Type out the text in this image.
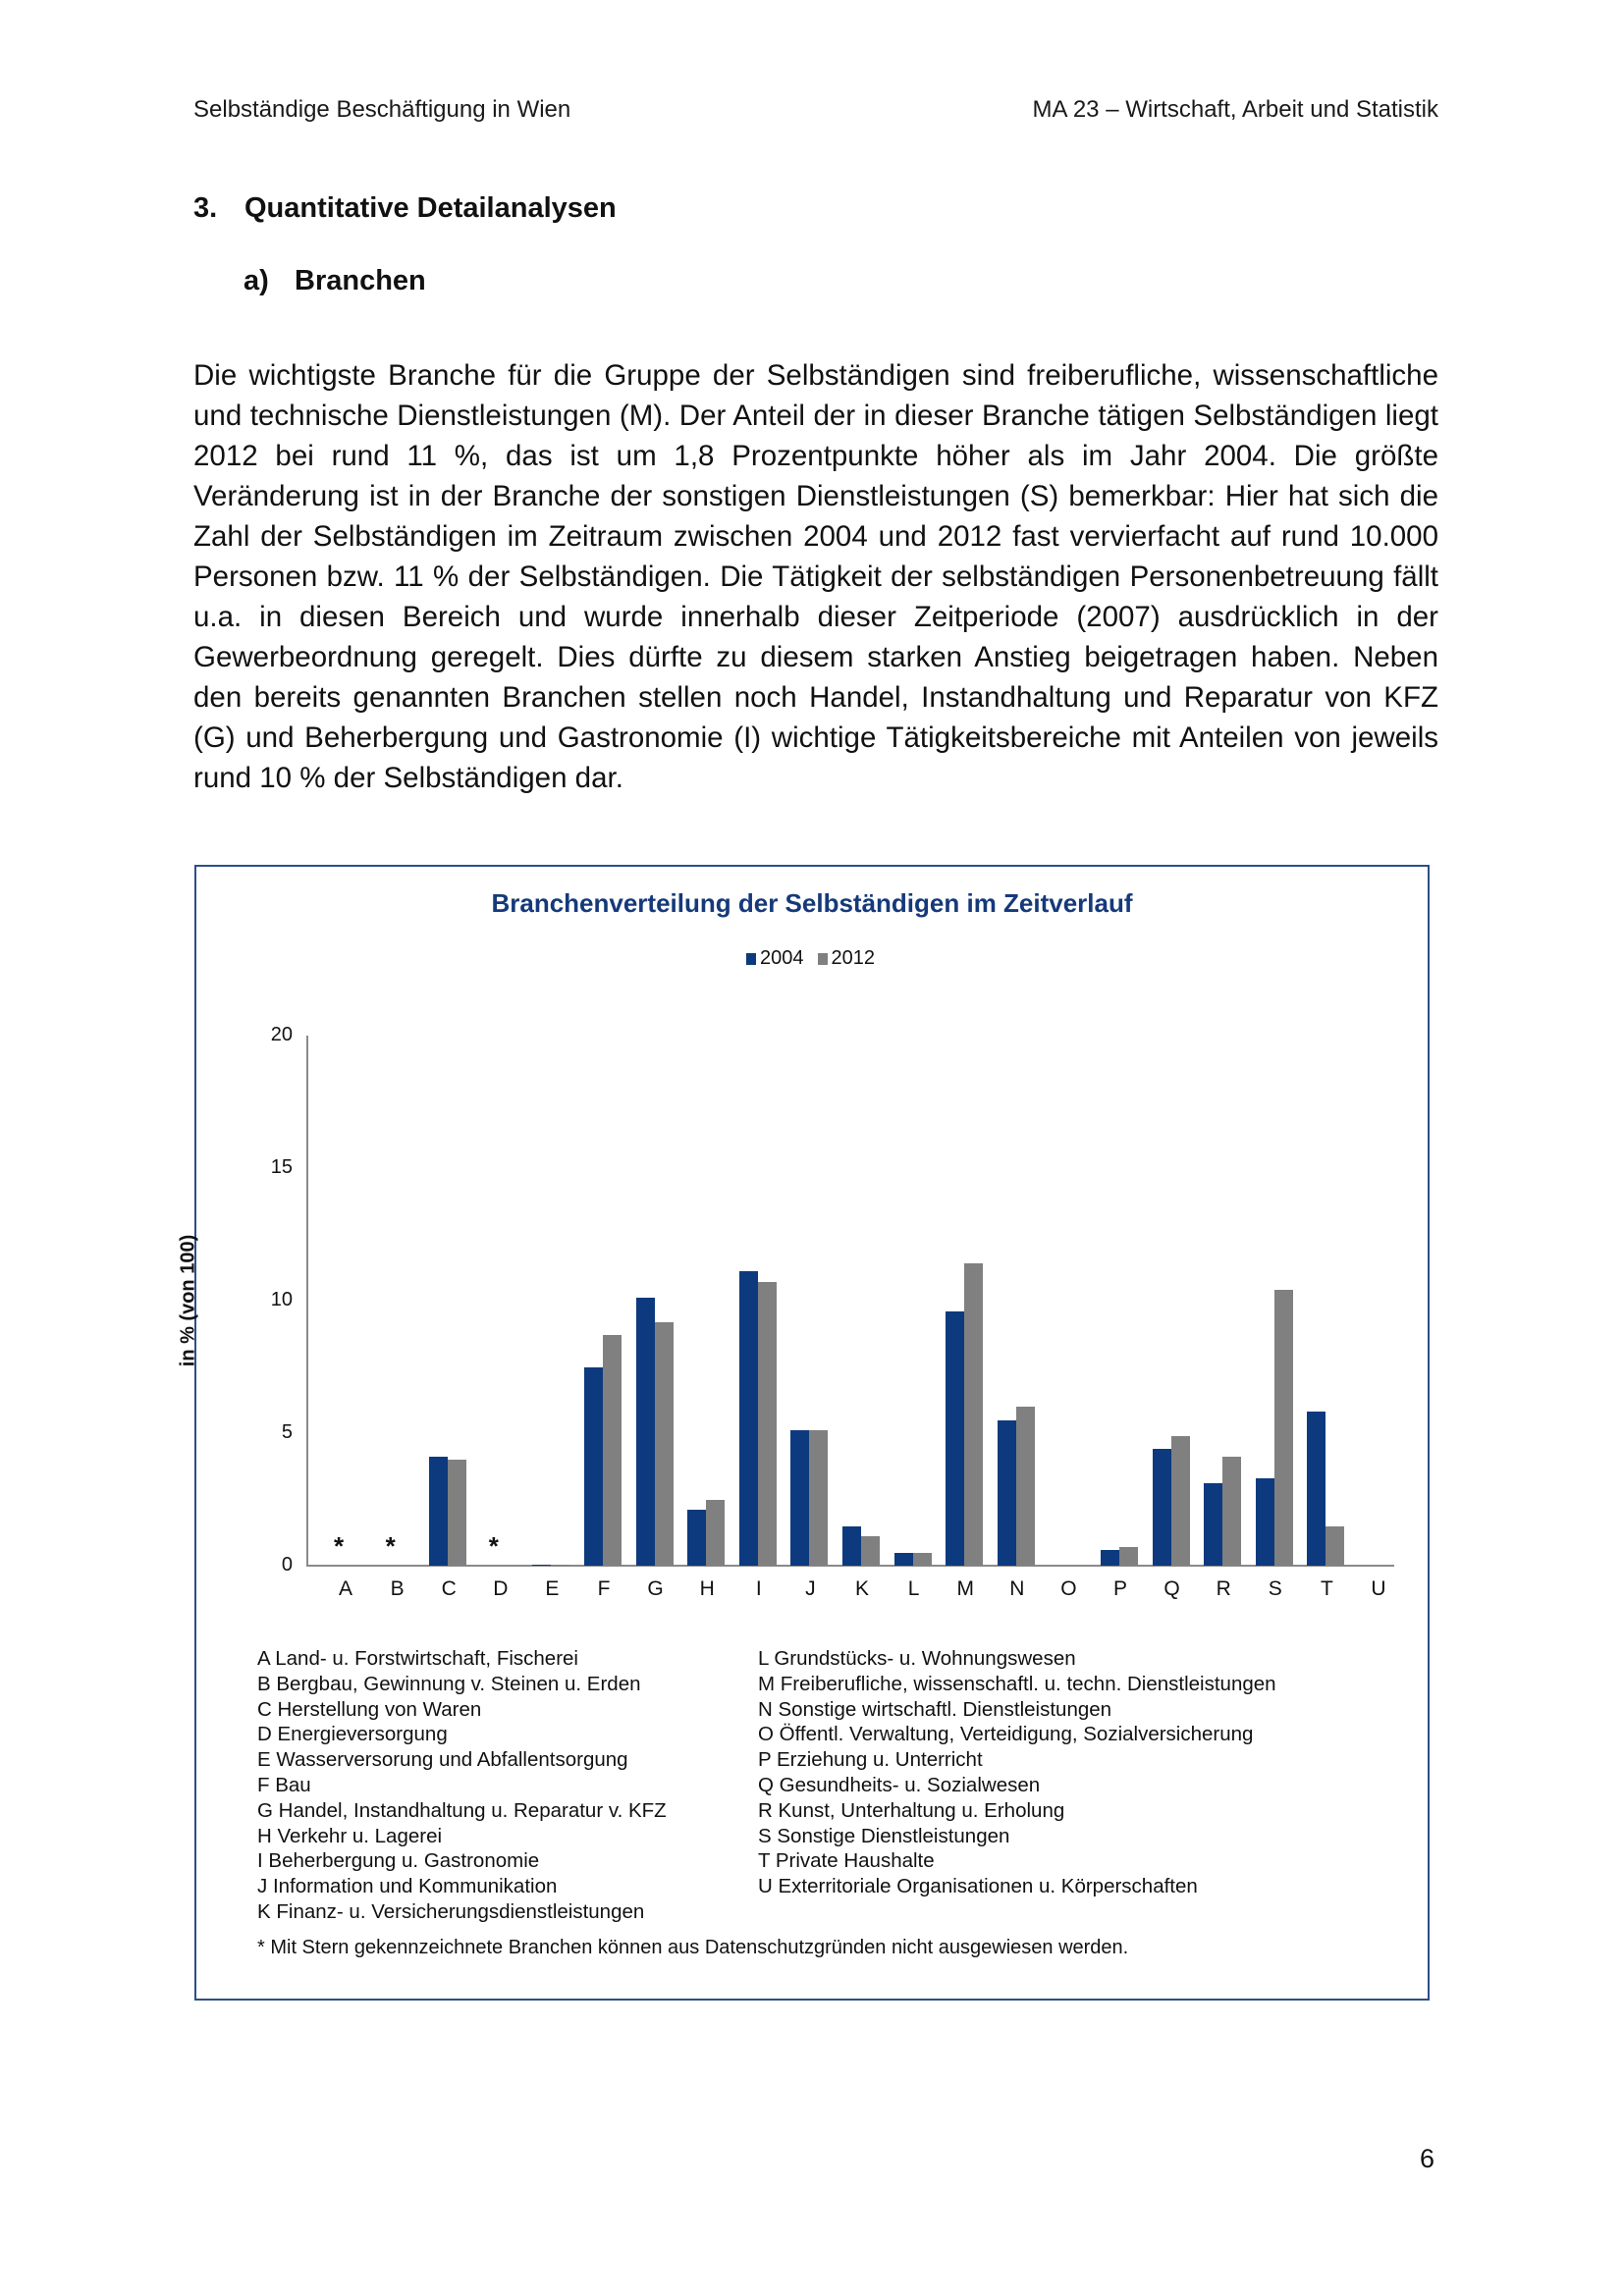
Selbständige Beschäftigung in Wien	MA 23 – Wirtschaft, Arbeit und Statistik
3. Quantitative Detailanalysen
a) Branchen
Die wichtigste Branche für die Gruppe der Selbständigen sind freiberufliche, wissenschaftliche und technische Dienstleistungen (M). Der Anteil der in dieser Branche tätigen Selbständigen liegt 2012 bei rund 11 %, das ist um 1,8 Prozentpunkte höher als im Jahr 2004. Die größte Veränderung ist in der Branche der sonstigen Dienstleistungen (S) bemerkbar: Hier hat sich die Zahl der Selbständigen im Zeitraum zwischen 2004 und 2012 fast vervierfacht auf rund 10.000 Personen bzw. 11 % der Selbständigen. Die Tätigkeit der selbständigen Personenbetreuung fällt u.a. in diesen Bereich und wurde innerhalb dieser Zeitperiode (2007) ausdrücklich in der Gewerbeordnung geregelt. Dies dürfte zu diesem starken Anstieg beigetragen haben. Neben den bereits genannten Branchen stellen noch Handel, Instandhaltung und Reparatur von KFZ (G) und Beherbergung und Gastronomie (I) wichtige Tätigkeitsbereiche mit Anteilen von jeweils rund 10 % der Selbständigen dar.
Branchenverteilung der Selbständigen im Zeitverlauf
2004 2012
in % (von 100)
0
5
10
15
20
*
A
*
B	C
*
D	E	F	G	H	I	J	K	L	M	N	O	P	Q	R	S	T	U
A Land- u. Forstwirtschaft, Fischerei
B Bergbau, Gewinnung v. Steinen u. Erden
C Herstellung von Waren
D Energieversorgung
E Wasserversorung und Abfallentsorgung
F Bau
G Handel, Instandhaltung u. Reparatur v. KFZ
H Verkehr u. Lagerei
I Beherbergung u. Gastronomie
J Information und Kommunikation
K Finanz- u. Versicherungsdienstleistungen
L Grundstücks- u. Wohnungswesen
M Freiberufliche, wissenschaftl. u. techn. Dienstleistungen
N Sonstige wirtschaftl. Dienstleistungen
O Öffentl. Verwaltung, Verteidigung, Sozialversicherung
P Erziehung u. Unterricht
Q Gesundheits- u. Sozialwesen
R Kunst, Unterhaltung u. Erholung
S Sonstige Dienstleistungen
T Private Haushalte
U Exterritoriale Organisationen u. Körperschaften
* Mit Stern gekennzeichnete Branchen können aus Datenschutzgründen nicht ausgewiesen werden.
6
